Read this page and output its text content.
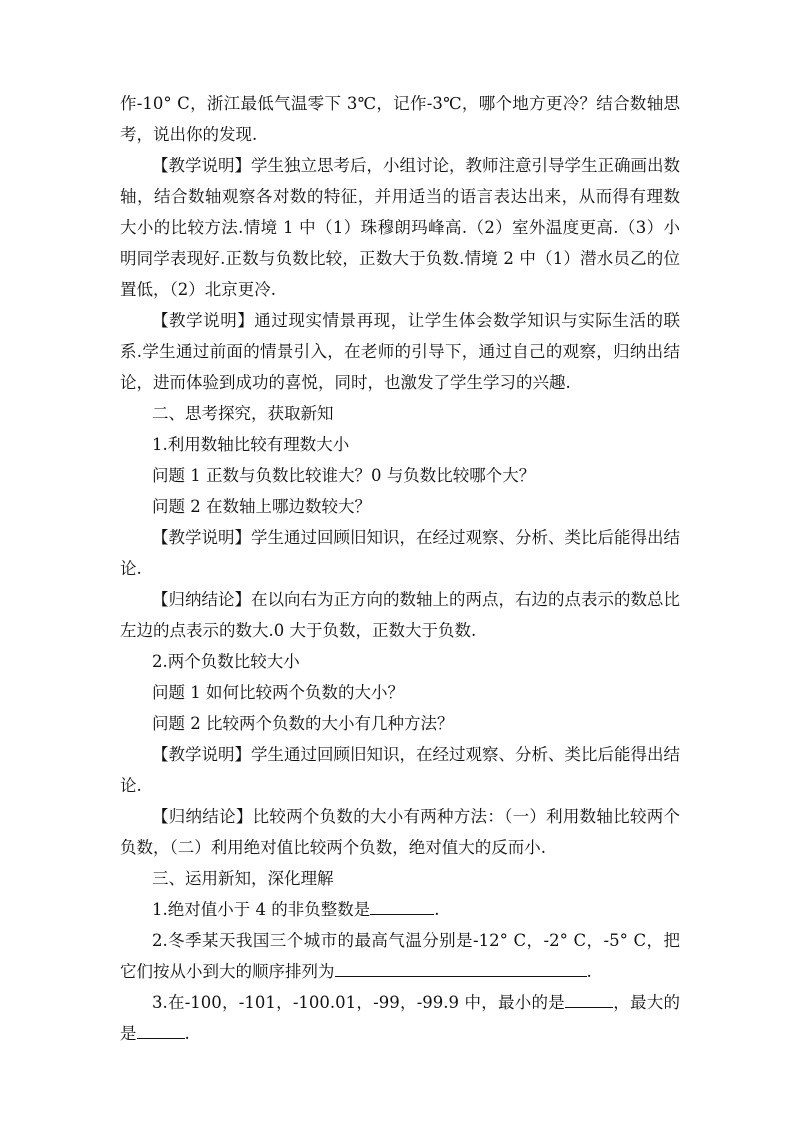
作-10° C，浙江最低气温零下 3℃，记作-3℃，哪个地方更冷？结合数轴思考，说出你的发现.

【教学说明】学生独立思考后，小组讨论，教师注意引导学生正确画出数轴，结合数轴观察各对数的特征，并用适当的语言表达出来，从而得有理数大小的比较方法.情境 1 中（1）珠穆朗玛峰高.（2）室外温度更高.（3）小明同学表现好.正数与负数比较，正数大于负数.情境 2 中（1）潜水员乙的位置低，（2）北京更冷.

【教学说明】通过现实情景再现，让学生体会数学知识与实际生活的联系.学生通过前面的情景引入，在老师的引导下，通过自己的观察，归纳出结论，进而体验到成功的喜悦，同时，也激发了学生学习的兴趣.

二、思考探究，获取新知

1.利用数轴比较有理数大小

问题 1 正数与负数比较谁大？0 与负数比较哪个大？

问题 2 在数轴上哪边数较大？

【教学说明】学生通过回顾旧知识，在经过观察、分析、类比后能得出结论.

【归纳结论】在以向右为正方向的数轴上的两点，右边的点表示的数总比左边的点表示的数大.0 大于负数，正数大于负数.

2.两个负数比较大小

问题 1 如何比较两个负数的大小？

问题 2 比较两个负数的大小有几种方法？

【教学说明】学生通过回顾旧知识，在经过观察、分析、类比后能得出结论.

【归纳结论】比较两个负数的大小有两种方法：（一）利用数轴比较两个负数，（二）利用绝对值比较两个负数，绝对值大的反而小.

三、运用新知，深化理解

1.绝对值小于 4 的非负整数是	.

2.冬季某天我国三个城市的最高气温分别是-12° C，-2° C，-5° C，把它们按从小到大的顺序排列为	.

3.在-100，-101，-100.01，-99，-99.9 中，最小的是	，最大的是	.
